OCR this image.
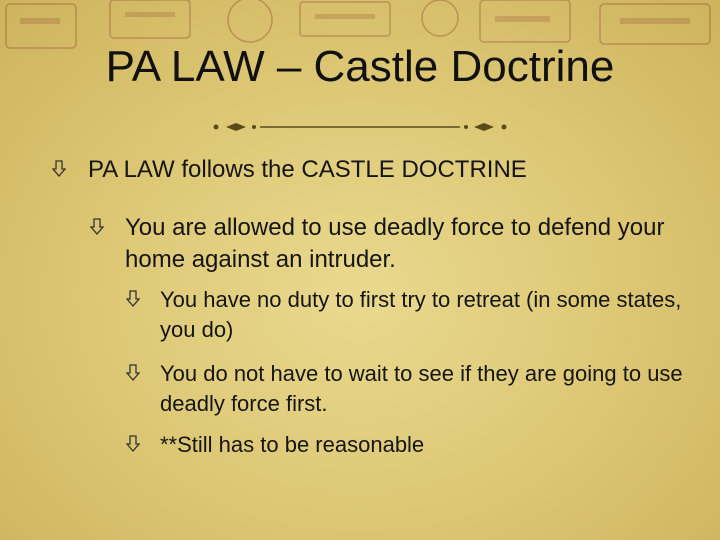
PA LAW – Castle Doctrine
PA LAW follows the CASTLE DOCTRINE
You are allowed to use deadly force to defend your home against an intruder.
You have no duty to first try to retreat (in some states, you do)
You do not have to wait to see if they are going to use deadly force first.
**Still has to be reasonable
